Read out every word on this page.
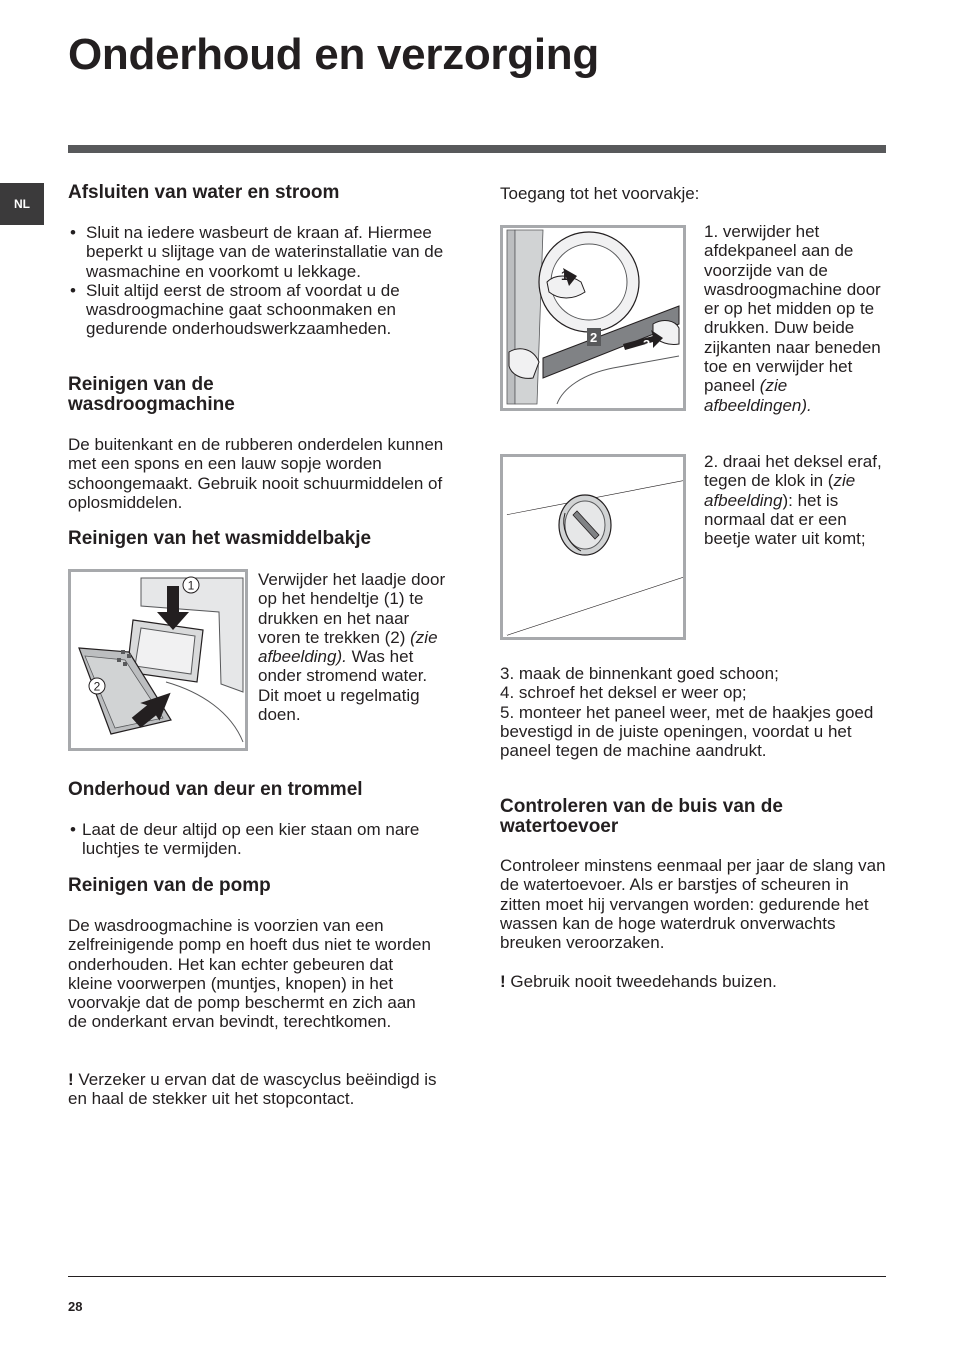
Onderhoud en verzorging
NL
Afsluiten van water en stroom
• Sluit na iedere wasbeurt de kraan af. Hiermee beperkt u slijtage van de waterinstallatie van de wasmachine en voorkomt u lekkage.
• Sluit altijd eerst de stroom af voordat u de wasdroogmachine gaat schoonmaken en gedurende onderhoudswerkzaamheden.
Reinigen van de wasdroogmachine

De buitenkant en de rubberen onderdelen kunnen met een spons en een lauw sopje worden schoongemaakt. Gebruik nooit schuurmiddelen of oplosmiddelen.

Reinigen van het wasmiddelbakje
1
2

Verwijder het laadje door op het hendeltje (1) te drukken en het naar voren te trekken (2) (zie afbeelding). Was het onder stromend water. Dit moet u regelmatig doen.

Onderhoud van deur en trommel
• Laat de deur altijd op een kier staan om nare luchtjes te vermijden.
Reinigen van de pomp

De wasdroogmachine is voorzien van een zelfreinigende pomp en hoeft dus niet te worden onderhouden. Het kan echter gebeuren dat kleine voorwerpen (muntjes, knopen) in het voorvakje dat de pomp beschermt en zich aan de onderkant ervan bevindt, terechtkomen.

! Verzeker u ervan dat de wascyclus beëindigd is en haal de stekker uit het stopcontact.

Toegang tot het voorvakje:

1
2	3

1. verwijder het afdekpaneel aan de voorzijde van de wasdroogmachine door er op het midden op te drukken. Duw beide zijkanten naar beneden toe en verwijder het paneel (zie afbeeldingen).

2. draai het deksel eraf, tegen de klok in (zie afbeelding): het is normaal dat er een beetje water uit komt;

3. maak de binnenkant goed schoon;
4. schroef het deksel er weer op;
5. monteer het paneel weer, met de haakjes goed bevestigd in de juiste openingen, voordat u het paneel tegen de machine aandrukt.
Controleren van de buis van de watertoevoer

Controleer minstens eenmaal per jaar de slang van de watertoevoer. Als er barstjes of scheuren in zitten moet hij vervangen worden: gedurende het wassen kan de hoge waterdruk onverwachts breuken veroorzaken.

! Gebruik nooit tweedehands buizen.

28
